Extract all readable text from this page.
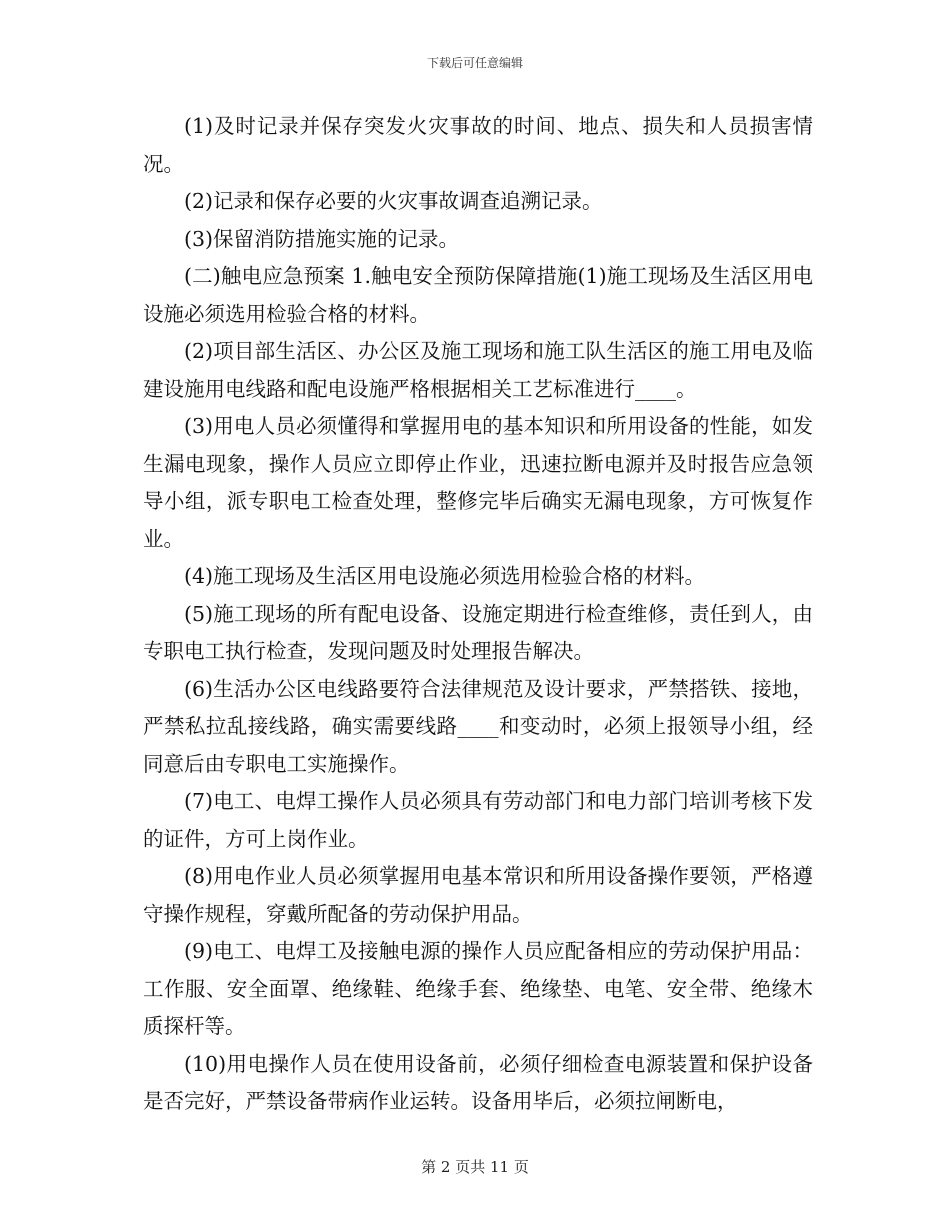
下载后可任意编辑

(1)及时记录并保存突发火灾事故的时间、地点、损失和人员损害情况。

(2)记录和保存必要的火灾事故调查追溯记录。

(3)保留消防措施实施的记录。

(二)触电应急预案 1.触电安全预防保障措施(1)施工现场及生活区用电设施必须选用检验合格的材料。

(2)项目部生活区、办公区及施工现场和施工队生活区的施工用电及临建设施用电线路和配电设施严格根据相关工艺标准进行____。

(3)用电人员必须懂得和掌握用电的基本知识和所用设备的性能，如发生漏电现象，操作人员应立即停止作业，迅速拉断电源并及时报告应急领导小组，派专职电工检查处理，整修完毕后确实无漏电现象，方可恢复作业。

(4)施工现场及生活区用电设施必须选用检验合格的材料。

(5)施工现场的所有配电设备、设施定期进行检查维修，责任到人，由专职电工执行检查，发现问题及时处理报告解决。

(6)生活办公区电线路要符合法律规范及设计要求，严禁搭铁、接地，严禁私拉乱接线路，确实需要线路____和变动时，必须上报领导小组，经同意后由专职电工实施操作。

(7)电工、电焊工操作人员必须具有劳动部门和电力部门培训考核下发的证件，方可上岗作业。

(8)用电作业人员必须掌握用电基本常识和所用设备操作要领，严格遵守操作规程，穿戴所配备的劳动保护用品。

(9)电工、电焊工及接触电源的操作人员应配备相应的劳动保护用品：工作服、安全面罩、绝缘鞋、绝缘手套、绝缘垫、电笔、安全带、绝缘木质探杆等。

(10)用电操作人员在使用设备前，必须仔细检查电源装置和保护设备是否完好，严禁设备带病作业运转。设备用毕后，必须拉闸断电，

第 2 页共 11 页
